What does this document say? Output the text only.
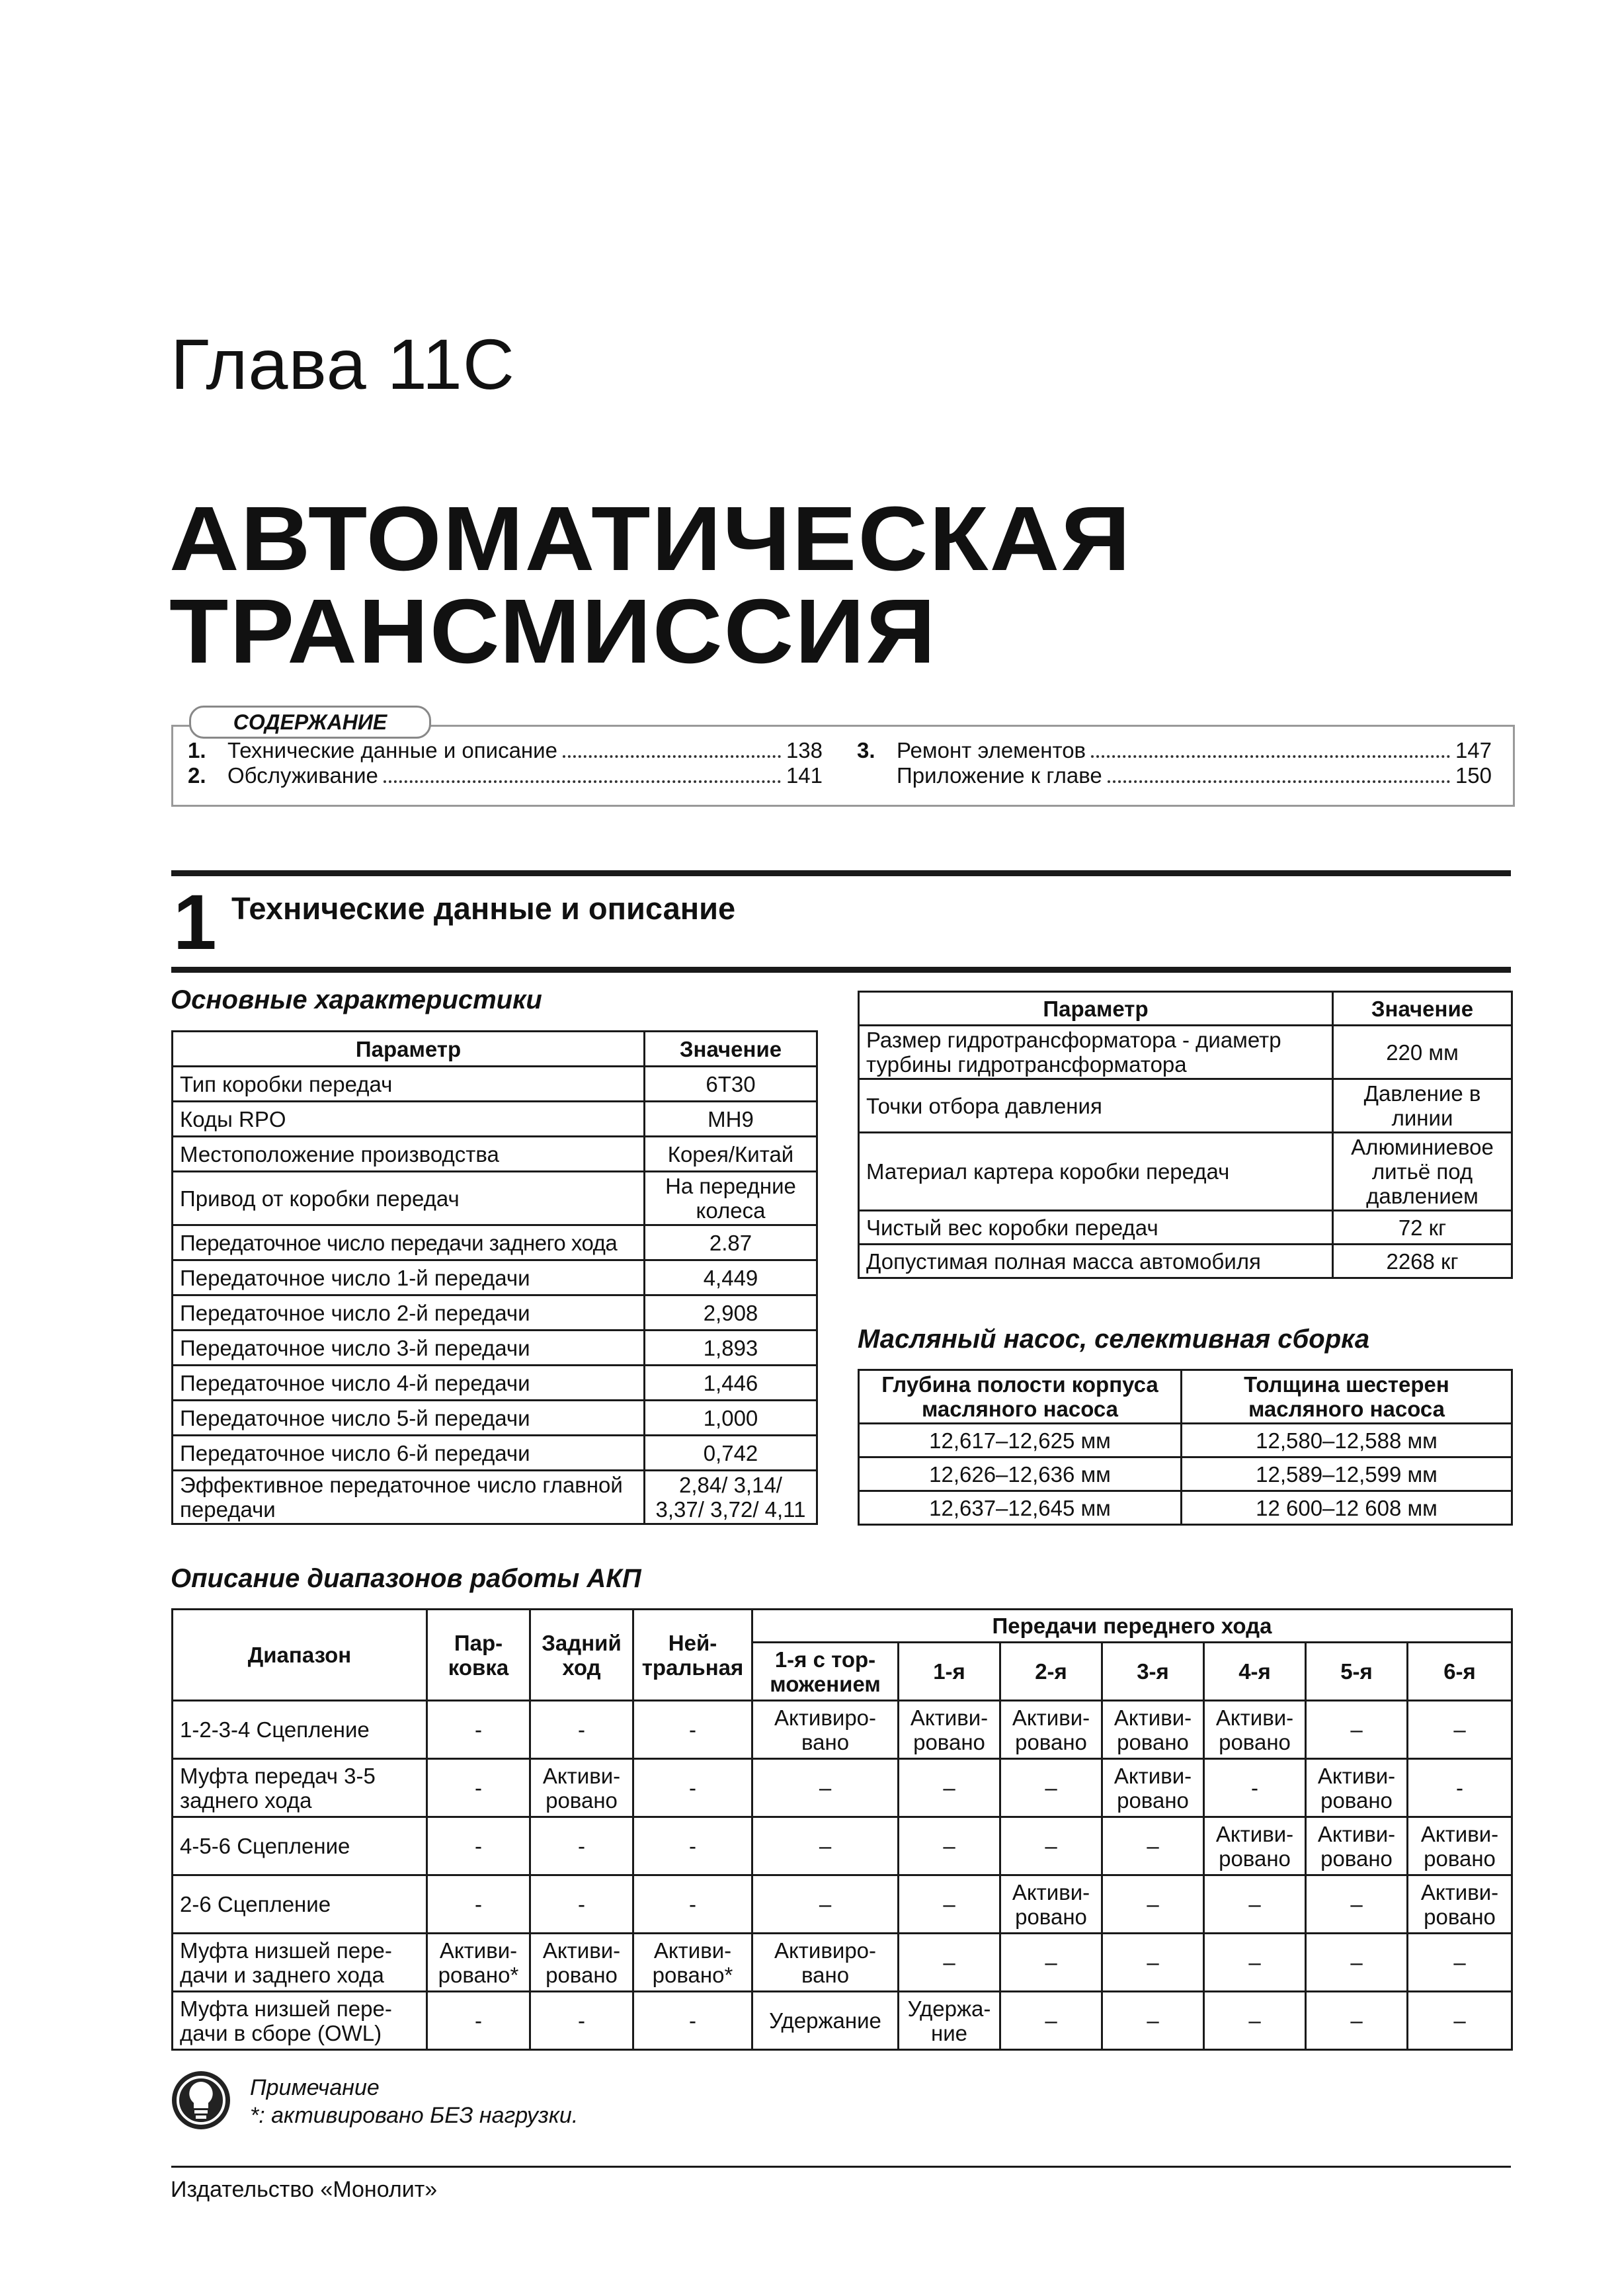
Глава 11С
АВТОМАТИЧЕСКАЯ
ТРАНСМИССИЯ
СОДЕРЖАНИЕ
1. Технические данные и описание	138
2. Обслуживание	141
3. Ремонт элементов	147
Приложение к главе	150
1 Технические данные и описание
Основные характеристики
Параметр	Значение
Тип коробки передач	6T30
Коды RPO	MH9
Местоположение производства	Корея/Китай
Привод от коробки передач	На передние колеса
Передаточное число передачи заднего хода	2.87
Передаточное число 1-й передачи	4,449
Передаточное число 2-й передачи	2,908
Передаточное число 3-й передачи	1,893
Передаточное число 4-й передачи	1,446
Передаточное число 5-й передачи	1,000
Передаточное число 6-й передачи	0,742
Эффективное передаточное число главной передачи	2,84/ 3,14/ 3,37/ 3,72/ 4,11
Параметр	Значение
Размер гидротрансформатора - диаметр турбины гидротрансформатора	220 мм
Точки отбора давления	Давление в линии
Материал картера коробки передач	Алюминиевое литьё под давлением
Чистый вес коробки передач	72 кг
Допустимая полная масса автомобиля	2268 кг
Масляный насос, селективная сборка
Глубина полости корпуса масляного насоса	Толщина шестерен масляного насоса
12,617–12,625 мм	12,580–12,588 мм
12,626–12,636 мм	12,589–12,599 мм
12,637–12,645 мм	12 600–12 608 мм
Описание диапазонов работы АКП
Диапазон	Пар-ковка	Задний ход	Ней-тральная	Передачи переднего хода						
				1-я с тор-можением	1-я	2-я	3-я	4-я	5-я	6-я
1-2-3-4 Сцепление	-	-	-	Активиро-вано	Активи-ровано	Активи-ровано	Активи-ровано	Активи-ровано	–	–
Муфта передач 3-5 заднего хода	-	Активи-ровано	-	–	–	–	Активи-ровано	-	Активи-ровано	-
4-5-6 Сцепление	-	-	-	–	–	–	–	Активи-ровано	Активи-ровано	Активи-ровано
2-6 Сцепление	-	-	-	–	–	Активи-ровано	–	–	–	Активи-ровано
Муфта низшей пере-дачи и заднего хода	Активи-ровано*	Активи-ровано	Активи-ровано*	Активиро-вано	–	–	–	–	–	–
Муфта низшей пере-дачи в сборе (OWL)	-	-	-	Удержание	Удержа-ние	–	–	–	–	–
Примечание
*: активировано БЕЗ нагрузки.
Издательство «Монолит»
